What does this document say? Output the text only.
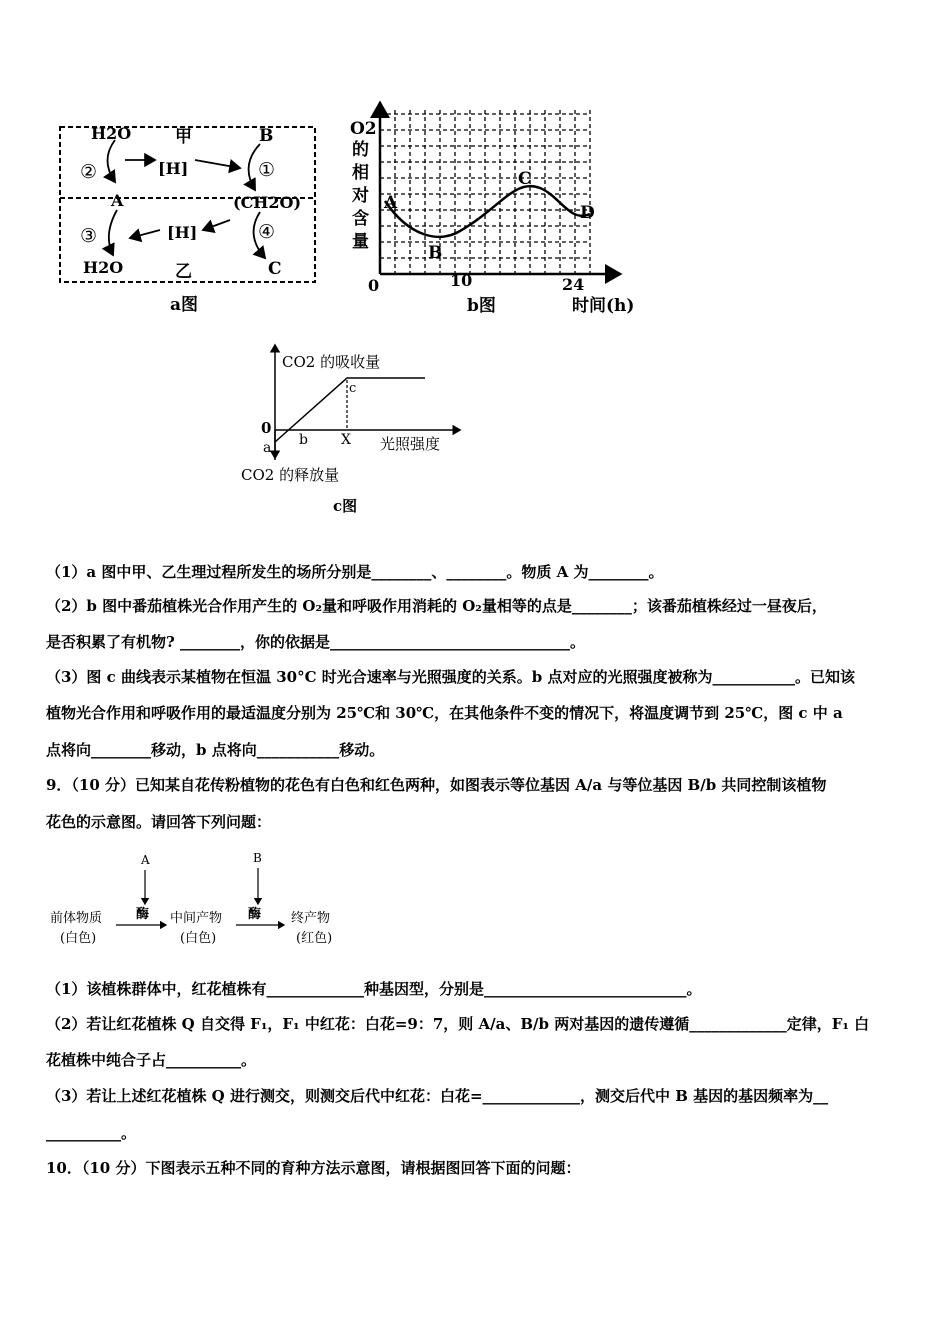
H2O	甲	B
②	[H]	①
A	(CH2O)
③	[H]	④
H2O	乙	C
a图
O2
的
相
对
含
量
A
B
C
D
0	10	24
b图	时间(h)
CO2 的吸收量
0
a b X
c
光照强度
CO2 的释放量
c图
（1）a 图中甲、乙生理过程所发生的场所分别是________、________。物质 A 为________。
（2）b 图中番茄植株光合作用产生的 O₂量和呼吸作用消耗的 O₂量相等的点是________；该番茄植株经过一昼夜后，
是否积累了有机物? ________，你的依据是________________________________。
（3）图 c 曲线表示某植物在恒温 30°C 时光合速率与光照强度的关系。b 点对应的光照强度被称为___________。已知该
植物光合作用和呼吸作用的最适温度分别为 25℃和 30℃，在其他条件不变的情况下，将温度调节到 25℃，图 c 中 a
点将向________移动，b 点将向___________移动。
9．（10 分）已知某自花传粉植物的花色有白色和红色两种，如图表示等位基因 A/a 与等位基因 B/b 共同控制该植物
花色的示意图。请回答下列问题：
A	B
前体物质
(白色)
酶 中间产物
(白色)
酶 终产物
(红色)
（1）该植株群体中，红花植株有_____________种基因型，分别是___________________________。
（2）若让红花植株 Q 自交得 F₁，F₁ 中红花：白花=9：7，则 A/a、B/b 两对基因的遗传遵循_____________定律，F₁ 白
花植株中纯合子占__________。
（3）若让上述红花植株 Q 进行测交，则测交后代中红花：白花=_____________，测交后代中 B 基因的基因频率为__
__________。
10．（10 分）下图表示五种不同的育种方法示意图，请根据图回答下面的问题：
